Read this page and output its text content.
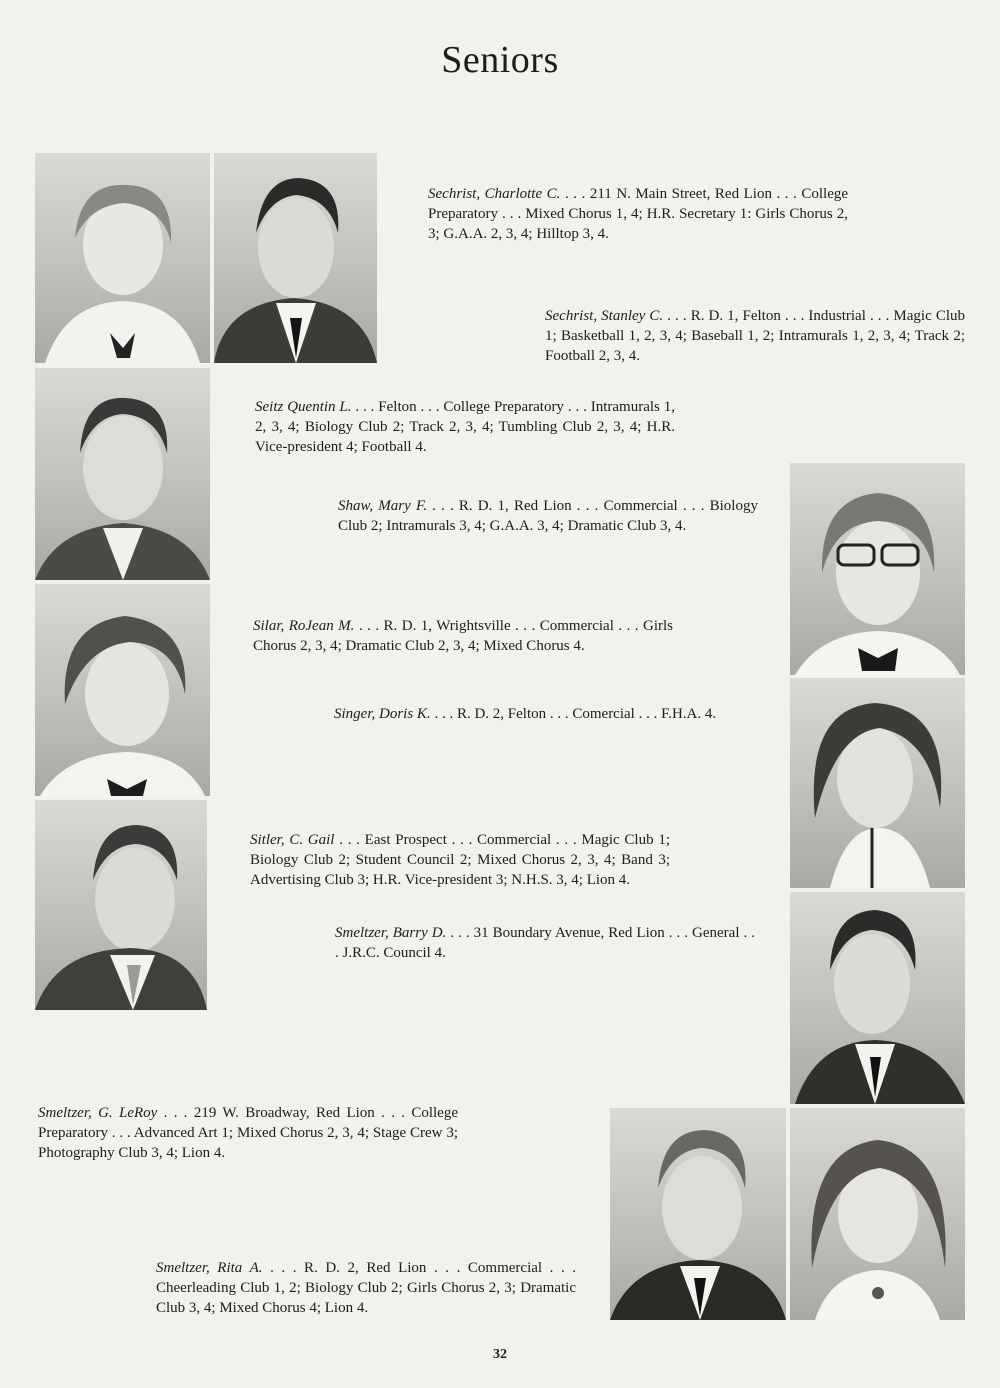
Seniors
Sechrist, Charlotte C. . . . 211 N. Main Street, Red Lion . . . College Preparatory . . . Mixed Chorus 1, 4; H.R. Secretary 1: Girls Chorus 2, 3; G.A.A. 2, 3, 4; Hilltop 3, 4.
Sechrist, Stanley C. . . . R. D. 1, Felton . . . Industrial . . . Magic Club 1; Basketball 1, 2, 3, 4; Baseball 1, 2; Intramurals 1, 2, 3, 4; Track 2; Football 2, 3, 4.
Seitz Quentin L. . . . Felton . . . College Preparatory . . . Intramurals 1, 2, 3, 4; Biology Club 2; Track 2, 3, 4; Tumbling Club 2, 3, 4; H.R. Vice-president 4; Football 4.
Shaw, Mary F. . . . R. D. 1, Red Lion . . . Commercial . . . Biology Club 2; Intramurals 3, 4; G.A.A. 3, 4; Dramatic Club 3, 4.
Silar, RoJean M. . . . R. D. 1, Wrightsville . . . Commercial . . . Girls Chorus 2, 3, 4; Dramatic Club 2, 3, 4; Mixed Chorus 4.
Singer, Doris K. . . . R. D. 2, Felton . . . Comercial . . . F.H.A. 4.
Sitler, C. Gail . . . East Prospect . . . Commercial . . . Magic Club 1; Biology Club 2; Student Council 2; Mixed Chorus 2, 3, 4; Band 3; Advertising Club 3; H.R. Vice-president 3; N.H.S. 3, 4; Lion 4.
Smeltzer, Barry D. . . . 31 Boundary Avenue, Red Lion . . . General . . . J.R.C. Council 4.
Smeltzer, G. LeRoy . . . 219 W. Broadway, Red Lion . . . College Preparatory . . . Advanced Art 1; Mixed Chorus 2, 3, 4; Stage Crew 3; Photography Club 3, 4; Lion 4.
Smeltzer, Rita A. . . . R. D. 2, Red Lion . . . Commercial . . . Cheerleading Club 1, 2; Biology Club 2; Girls Chorus 2, 3; Dramatic Club 3, 4; Mixed Chorus 4; Lion 4.
32
